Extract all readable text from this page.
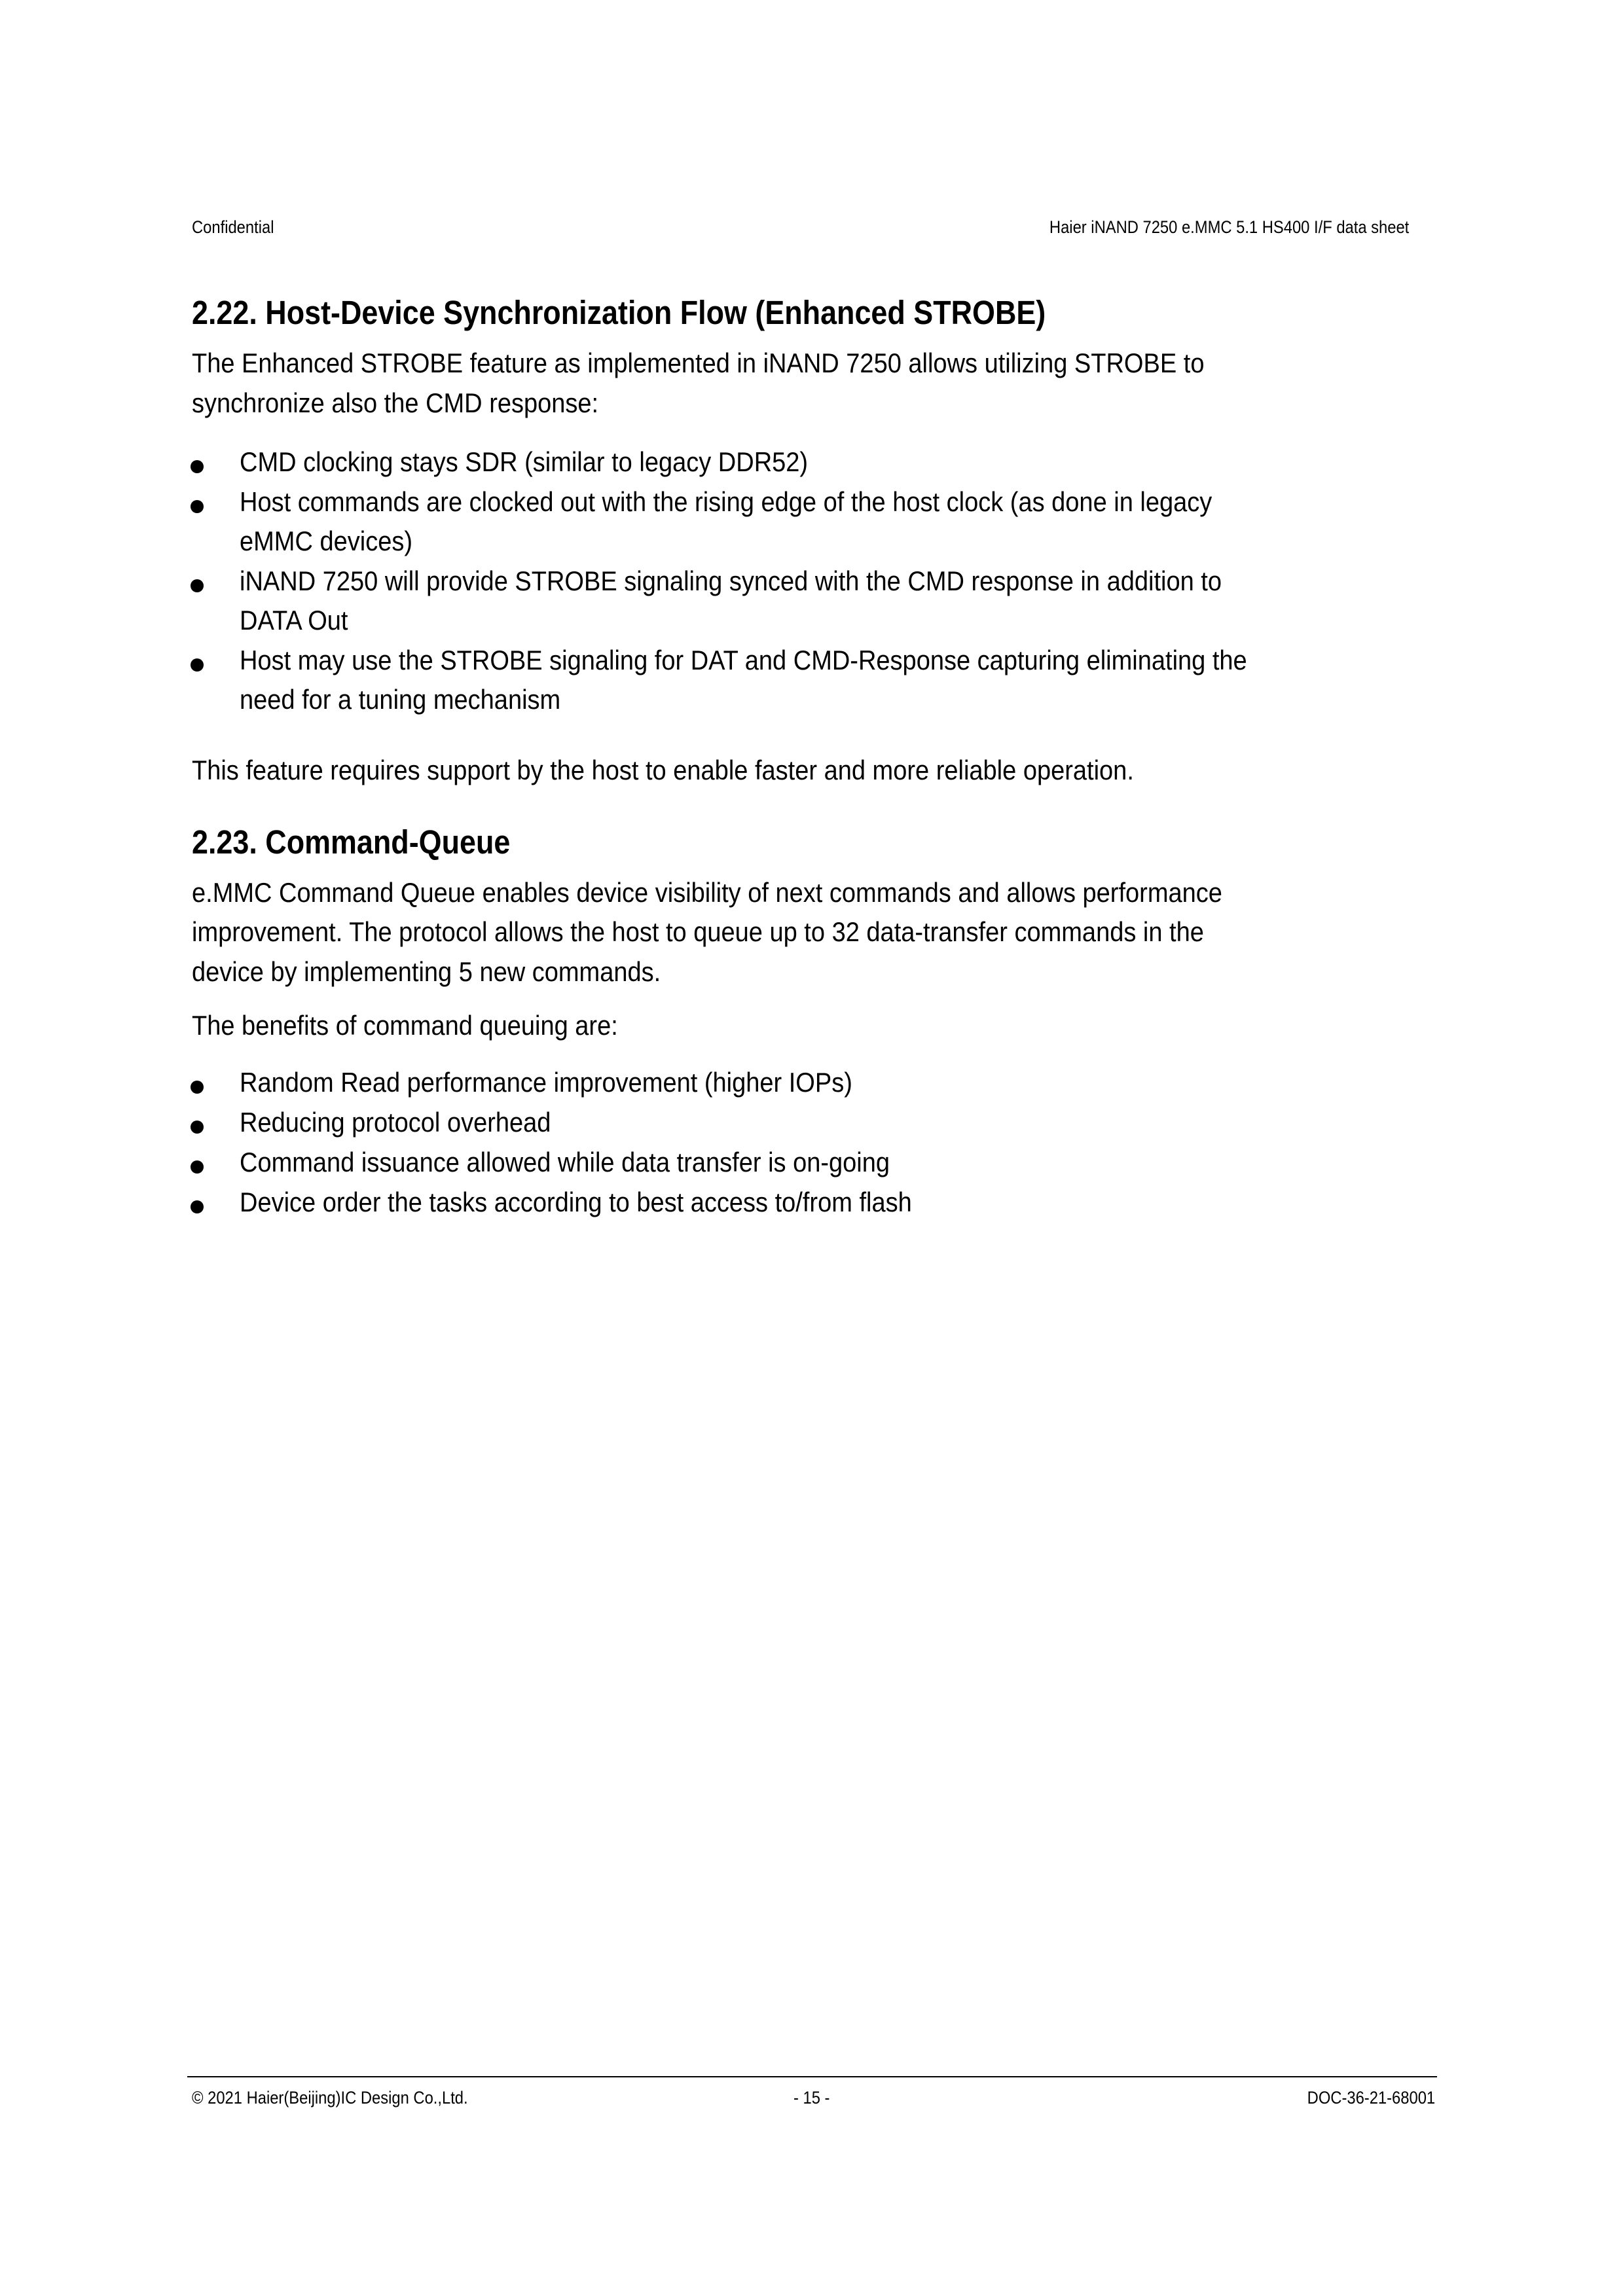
Confidential	Haier iNAND 7250 e.MMC 5.1 HS400 I/F data sheet
2.22. Host-Device Synchronization Flow (Enhanced STROBE)
The Enhanced STROBE feature as implemented in iNAND 7250 allows utilizing STROBE to
synchronize also the CMD response:
CMD clocking stays SDR (similar to legacy DDR52)
Host commands are clocked out with the rising edge of the host clock (as done in legacy
eMMC devices)
iNAND 7250 will provide STROBE signaling synced with the CMD response in addition to
DATA Out
Host may use the STROBE signaling for DAT and CMD-Response capturing eliminating the
need for a tuning mechanism
This feature requires support by the host to enable faster and more reliable operation.
2.23. Command-Queue
e.MMC Command Queue enables device visibility of next commands and allows performance
improvement. The protocol allows the host to queue up to 32 data-transfer commands in the
device by implementing 5 new commands.
The benefits of command queuing are:
Random Read performance improvement (higher IOPs)
Reducing protocol overhead
Command issuance allowed while data transfer is on-going
Device order the tasks according to best access to/from flash
© 2021 Haier(Beijing)IC Design Co.,Ltd.	- 15 -	DOC-36-21-68001
